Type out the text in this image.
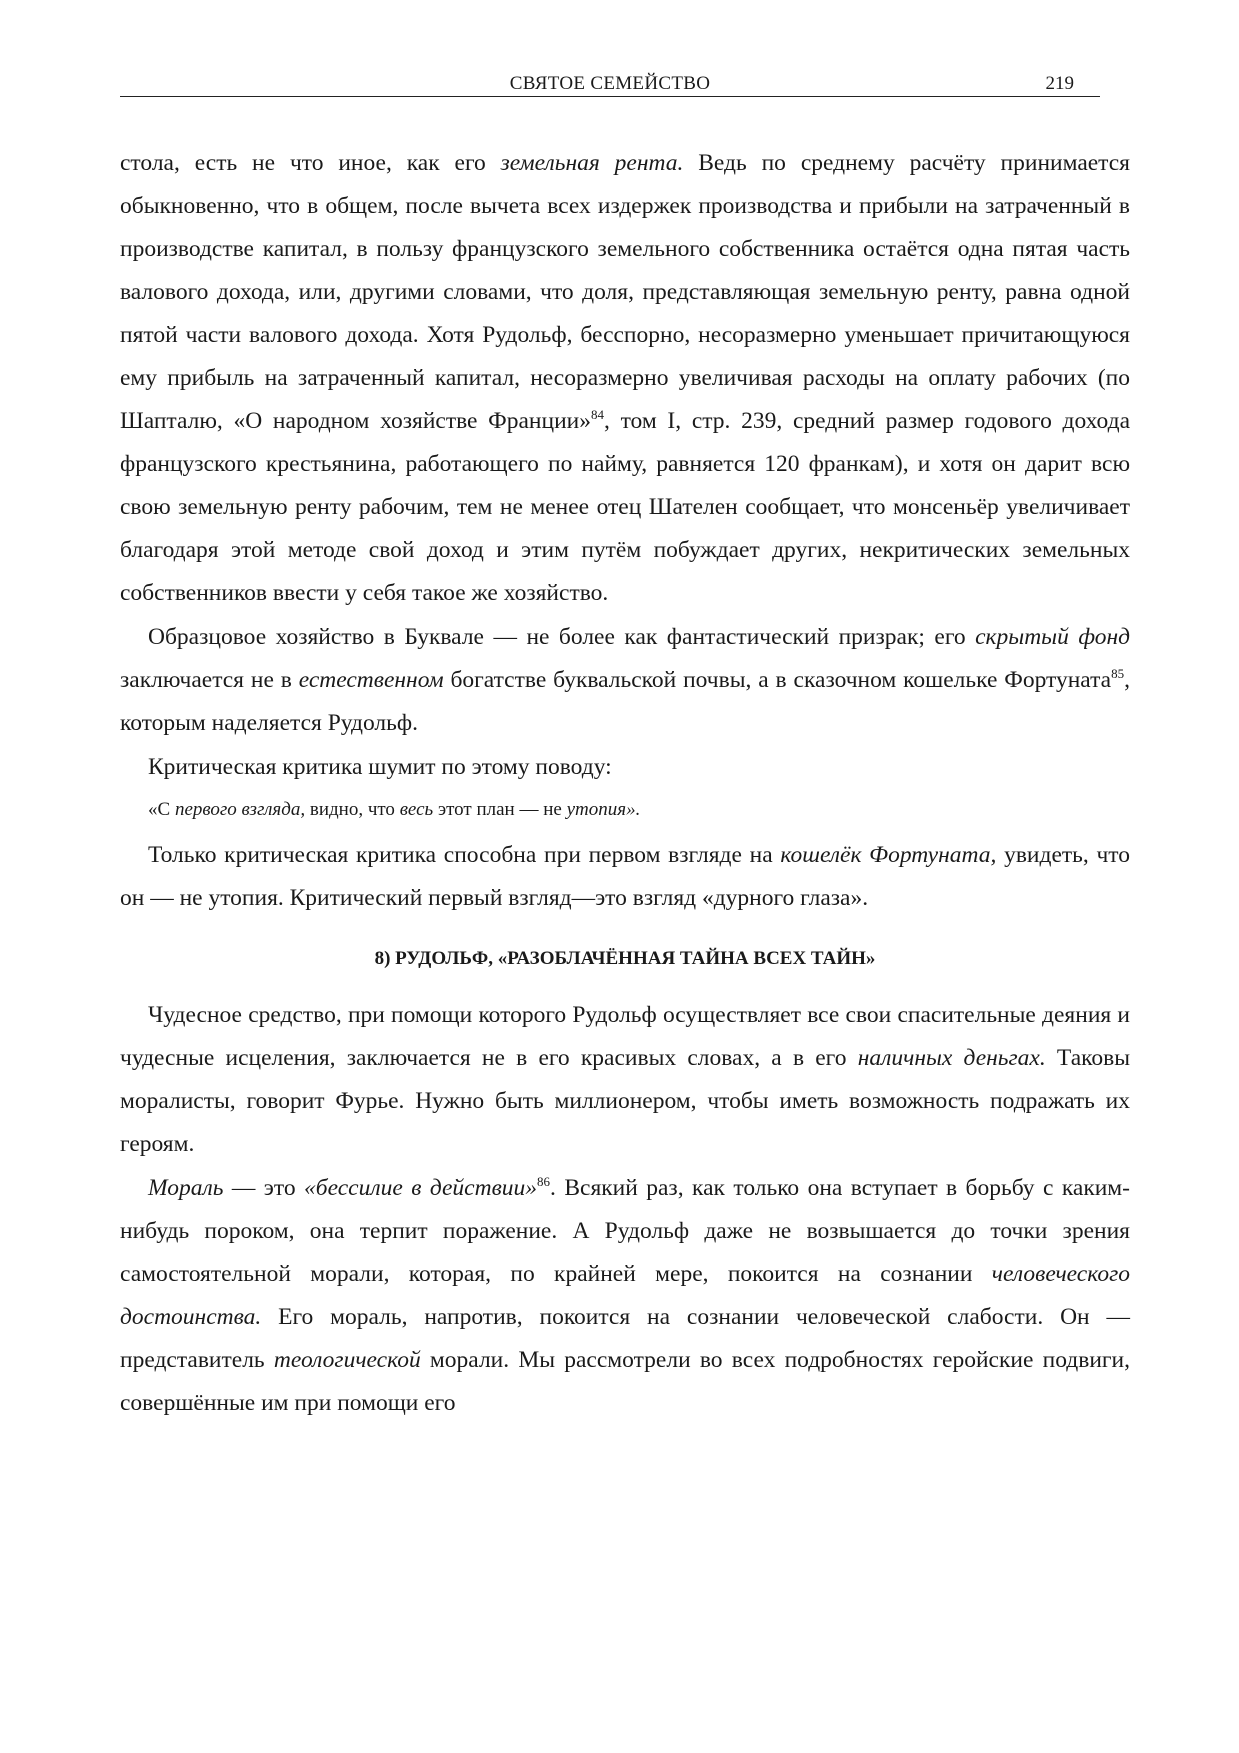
СВЯТОЕ СЕМЕЙСТВО	219

стола, есть не что иное, как его земельная рента. Ведь по среднему расчёту принимается обыкновенно, что в общем, после вычета всех издержек производства и прибыли на затраченный в производстве капитал, в пользу французского земельного собственника остаётся одна пятая часть валового дохода, или, другими словами, что доля, представляющая земельную ренту, равна одной пятой части валового дохода. Хотя Рудольф, бесспорно, несоразмерно уменьшает причитающуюся ему прибыль на затраченный капитал, несоразмерно увеличивая расходы на оплату рабочих (по Шапталю, «О народном хозяйстве Франции»$^{84}$, том I, стр. 239, средний размер годового дохода французского крестьянина, работающего по найму, равняется 120 франкам), и хотя он дарит всю свою земельную ренту рабочим, тем не менее отец Шателен сообщает, что монсеньёр увеличивает благодаря этой методе свой доход и этим путём побуждает других, некритических земельных собственников ввести у себя такое же хозяйство.

Образцовое хозяйство в Буквале — не более как фантастический призрак; его скрытый фонд заключается не в естественном богатстве буквальской почвы, а в сказочном кошельке Фортуната$^{85}$, которым наделяется Рудольф.

Критическая критика шумит по этому поводу:

«С первого взгляда, видно, что весь этот план — не утопия».

Только критическая критика способна при первом взгляде на кошелёк Фортуната, увидеть, что он — не утопия. Критический первый взгляд—это взгляд «дурного глаза».

8) РУДОЛЬФ, «РАЗОБЛАЧЁННАЯ ТАЙНА ВСЕХ ТАЙН»

Чудесное средство, при помощи которого Рудольф осуществляет все свои спасительные деяния и чудесные исцеления, заключается не в его красивых словах, а в его наличных деньгах. Таковы моралисты, говорит Фурье. Нужно быть миллионером, чтобы иметь возможность подражать их героям.

Мораль — это «бессилие в действии»$^{86}$. Всякий раз, как только она вступает в борьбу с каким-нибудь пороком, она терпит поражение. А Рудольф даже не возвышается до точки зрения самостоятельной морали, которая, по крайней мере, покоится на сознании человеческого достоинства. Его мораль, напротив, покоится на сознании человеческой слабости. Он — представитель теологической морали. Мы рассмотрели во всех подробностях геройские подвиги, совершённые им при помощи его
